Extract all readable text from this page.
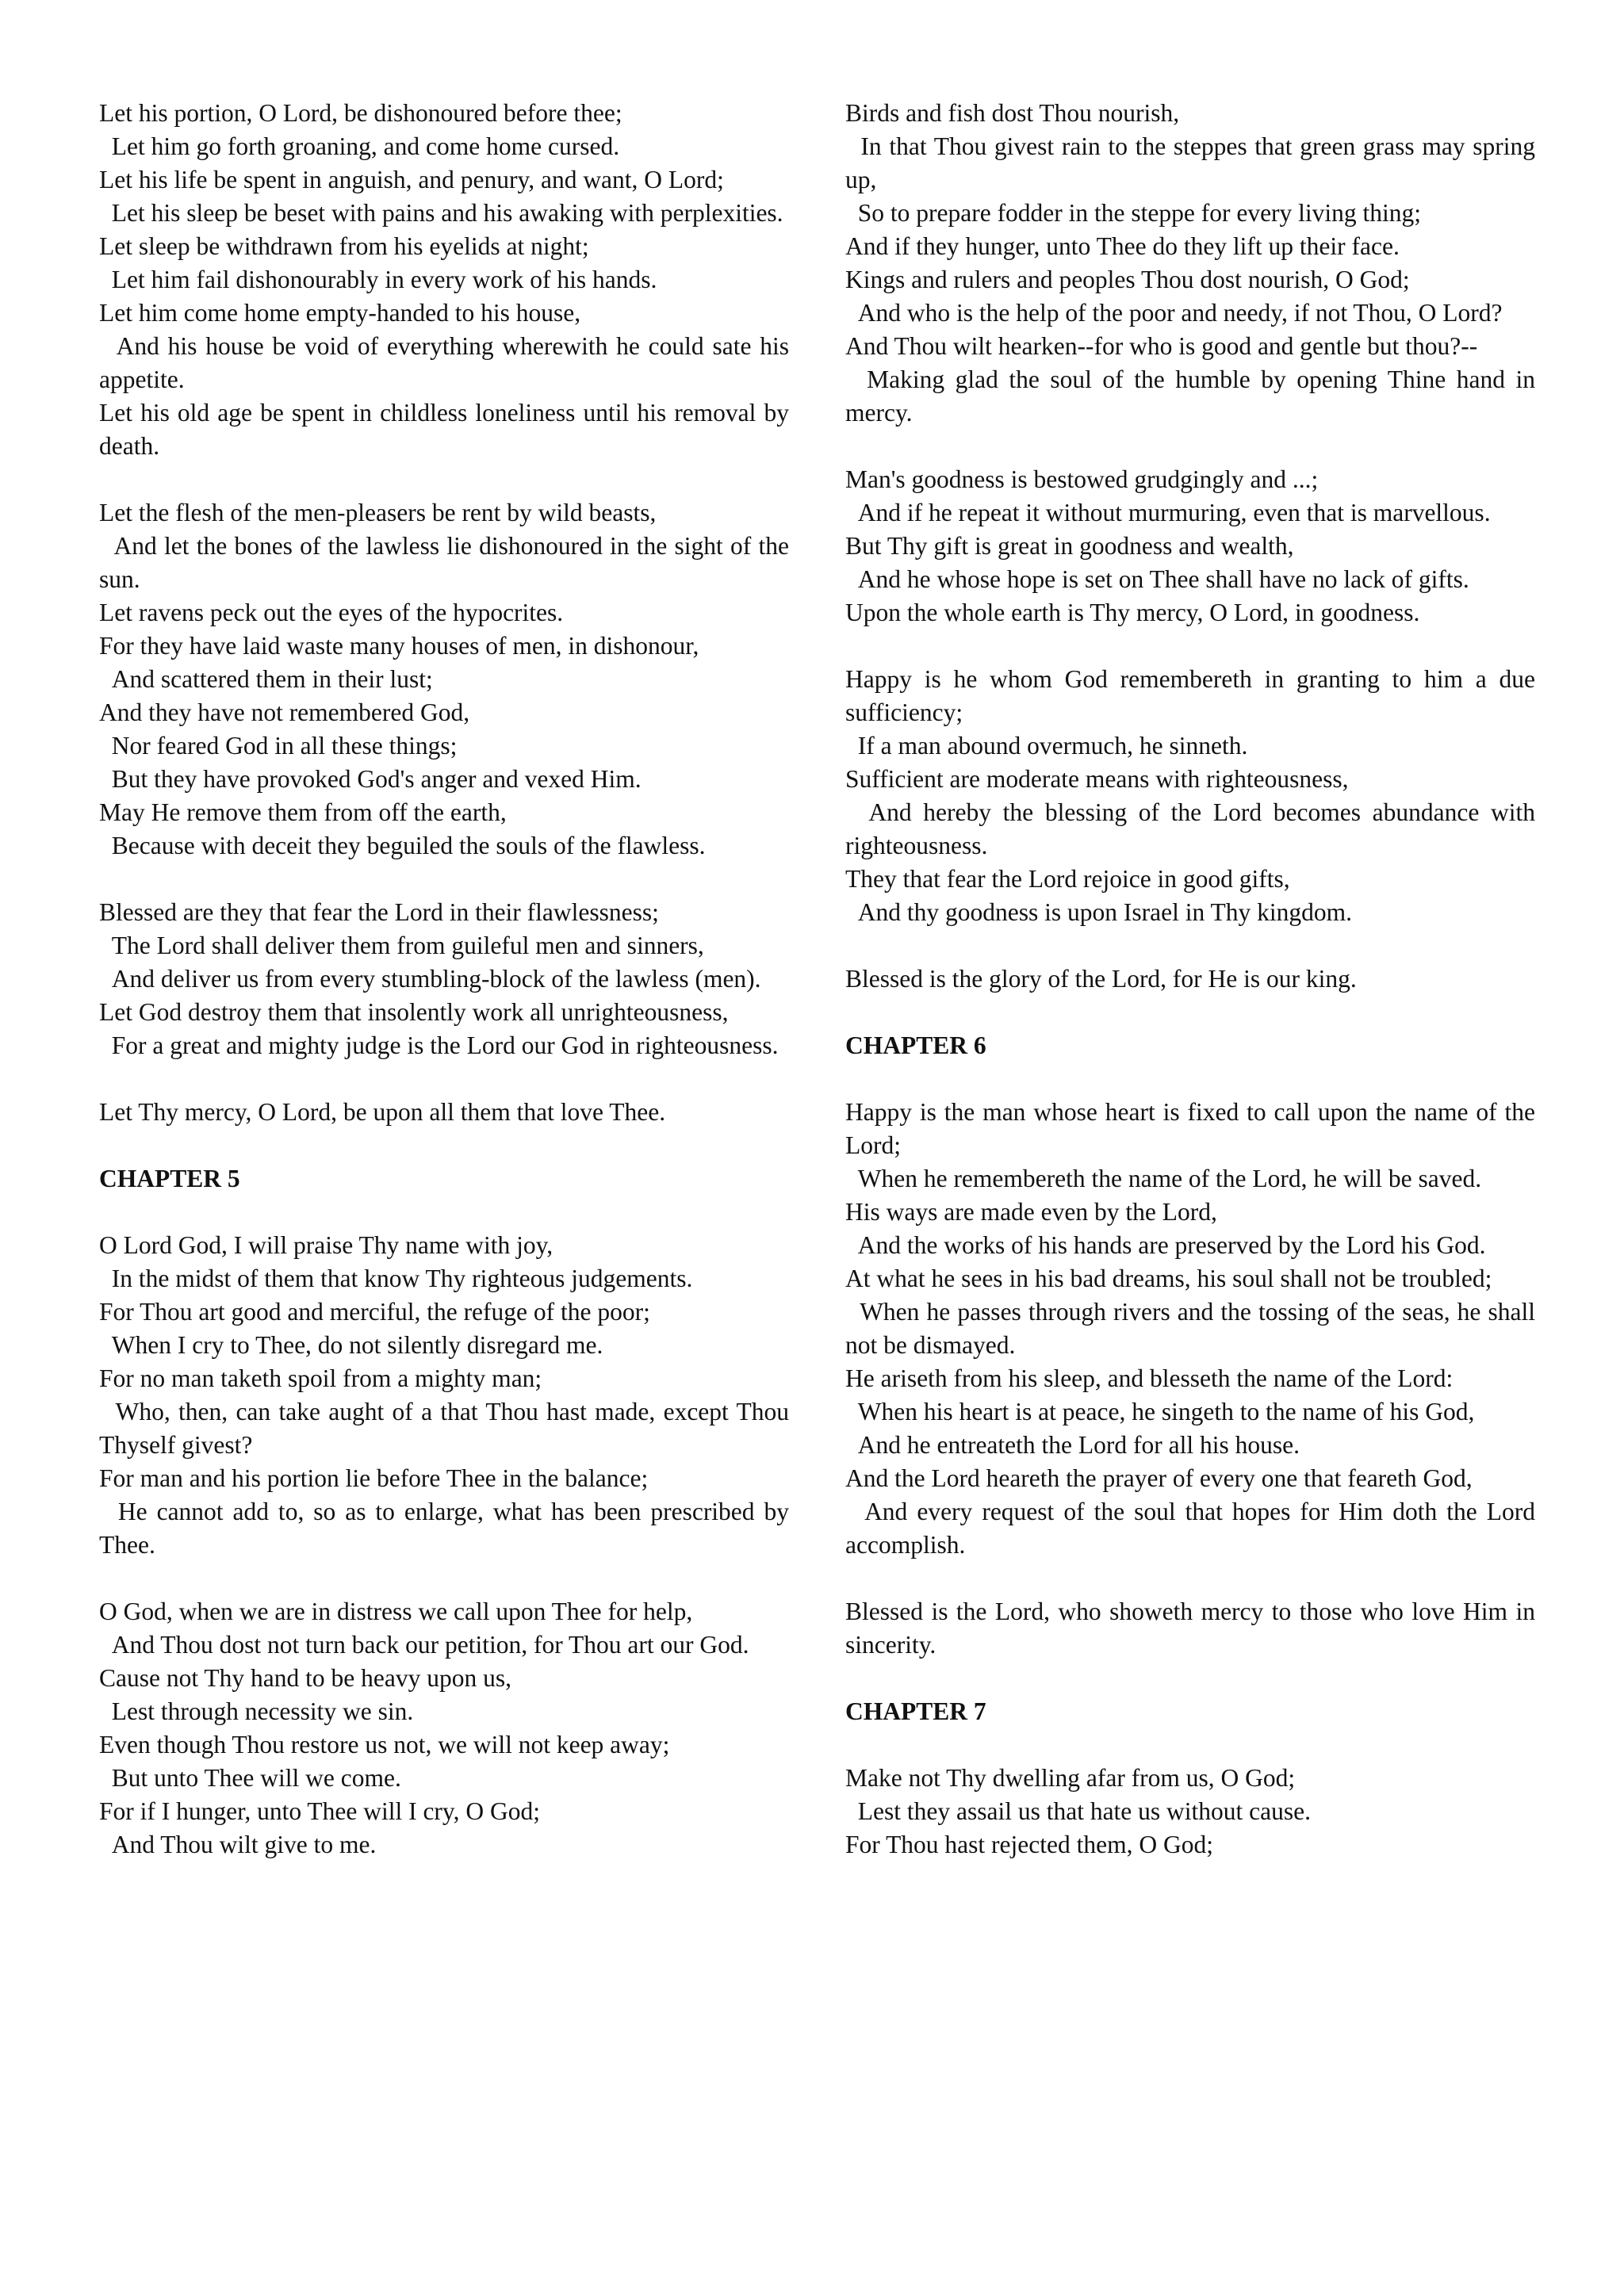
Let his portion, O Lord, be dishonoured before thee;

Let him go forth groaning, and come home cursed.

Let his life be spent in anguish, and penury, and want, O Lord;

Let his sleep be beset with pains and his awaking with perplexities.

Let sleep be withdrawn from his eyelids at night;

Let him fail dishonourably in every work of his hands.

Let him come home empty-handed to his house,

And his house be void of everything wherewith he could sate his appetite.

Let his old age be spent in childless loneliness until his removal by death.

Let the flesh of the men-pleasers be rent by wild beasts,

And let the bones of the lawless lie dishonoured in the sight of the sun.

Let ravens peck out the eyes of the hypocrites.

For they have laid waste many houses of men, in dishonour,

And scattered them in their lust;

And they have not remembered God,

Nor feared God in all these things;

But they have provoked God's anger and vexed Him.

May He remove them from off the earth,

Because with deceit they beguiled the souls of the flawless.

Blessed are they that fear the Lord in their flawlessness;

The Lord shall deliver them from guileful men and sinners,

And deliver us from every stumbling-block of the lawless (men).

Let God destroy them that insolently work all unrighteousness,

For a great and mighty judge is the Lord our God in righteousness.

Let Thy mercy, O Lord, be upon all them that love Thee.

CHAPTER 5

O Lord God, I will praise Thy name with joy,

In the midst of them that know Thy righteous judgements.

For Thou art good and merciful, the refuge of the poor;

When I cry to Thee, do not silently disregard me.

For no man taketh spoil from a mighty man;

Who, then, can take aught of a that Thou hast made, except Thou Thyself givest?

For man and his portion lie before Thee in the balance;

He cannot add to, so as to enlarge, what has been prescribed by Thee.

O God, when we are in distress we call upon Thee for help,

And Thou dost not turn back our petition, for Thou art our God.

Cause not Thy hand to be heavy upon us,

Lest through necessity we sin.

Even though Thou restore us not, we will not keep away;

But unto Thee will we come.

For if I hunger, unto Thee will I cry, O God;

And Thou wilt give to me.

Birds and fish dost Thou nourish,

In that Thou givest rain to the steppes that green grass may spring up,

So to prepare fodder in the steppe for every living thing;

And if they hunger, unto Thee do they lift up their face.

Kings and rulers and peoples Thou dost nourish, O God;

And who is the help of the poor and needy, if not Thou, O Lord?

And Thou wilt hearken--for who is good and gentle but thou?--

Making glad the soul of the humble by opening Thine hand in mercy.

Man's goodness is bestowed grudgingly and ...;

And if he repeat it without murmuring, even that is marvellous.

But Thy gift is great in goodness and wealth,

And he whose hope is set on Thee shall have no lack of gifts.

Upon the whole earth is Thy mercy, O Lord, in goodness.

Happy is he whom God remembereth in granting to him a due sufficiency;

If a man abound overmuch, he sinneth.

Sufficient are moderate means with righteousness,

And hereby the blessing of the Lord becomes abundance with righteousness.

They that fear the Lord rejoice in good gifts,

And thy goodness is upon Israel in Thy kingdom.

Blessed is the glory of the Lord, for He is our king.

CHAPTER 6

Happy is the man whose heart is fixed to call upon the name of the Lord;

When he remembereth the name of the Lord, he will be saved.

His ways are made even by the Lord,

And the works of his hands are preserved by the Lord his God.

At what he sees in his bad dreams, his soul shall not be troubled;

When he passes through rivers and the tossing of the seas, he shall not be dismayed.

He ariseth from his sleep, and blesseth the name of the Lord:

When his heart is at peace, he singeth to the name of his God,

And he entreateth the Lord for all his house.

And the Lord heareth the prayer of every one that feareth God,

And every request of the soul that hopes for Him doth the Lord accomplish.

Blessed is the Lord, who showeth mercy to those who love Him in sincerity.

CHAPTER 7

Make not Thy dwelling afar from us, O God;

Lest they assail us that hate us without cause.

For Thou hast rejected them, O God;
